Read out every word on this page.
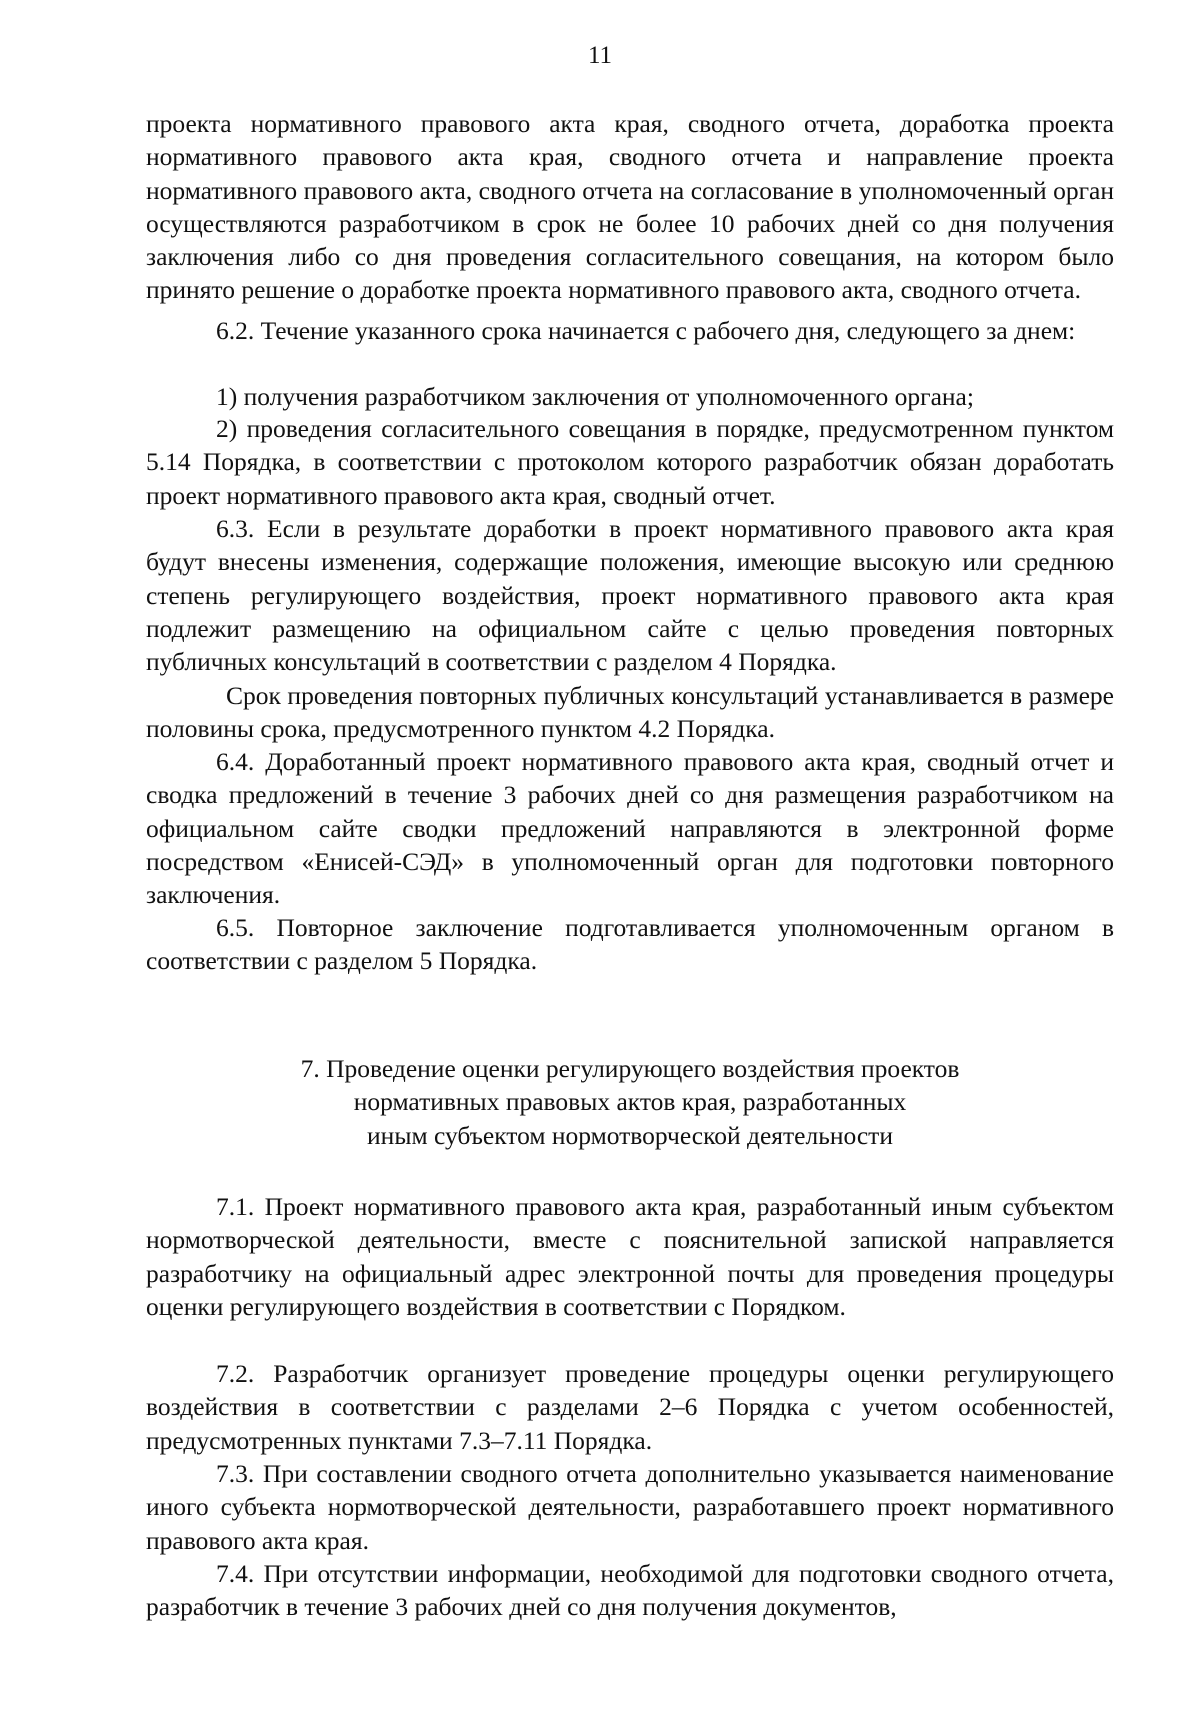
11

проекта нормативного правового акта края, сводного отчета, доработка проекта нормативного правового акта края, сводного отчета и направление проекта нормативного правового акта, сводного отчета на согласование в уполномоченный орган осуществляются разработчиком в срок не более 10 рабочих дней со дня получения заключения либо со дня проведения согласительного совещания, на котором было принято решение о доработке проекта нормативного правового акта, сводного отчета.

6.2. Течение указанного срока начинается с рабочего дня, следующего за днем:

1) получения разработчиком заключения от уполномоченного органа;

2) проведения согласительного совещания в порядке, предусмотренном пунктом 5.14 Порядка, в соответствии с протоколом которого разработчик обязан доработать проект нормативного правового акта края, сводный отчет.

6.3. Если в результате доработки в проект нормативного правового акта края будут внесены изменения, содержащие положения, имеющие высокую или среднюю степень регулирующего воздействия, проект нормативного правового акта края подлежит размещению на официальном сайте с целью проведения повторных публичных консультаций в соответствии с разделом 4 Порядка.

Срок проведения повторных публичных консультаций устанавливается в размере половины срока, предусмотренного пунктом 4.2 Порядка.

6.4. Доработанный проект нормативного правового акта края, сводный отчет и сводка предложений в течение 3 рабочих дней со дня размещения разработчиком на официальном сайте сводки предложений направляются в электронной форме посредством «Енисей-СЭД» в уполномоченный орган для подготовки повторного заключения.

6.5. Повторное заключение подготавливается уполномоченным органом в соответствии с разделом 5 Порядка.

7. Проведение оценки регулирующего воздействия проектов
нормативных правовых актов края, разработанных
иным субъектом нормотворческой деятельности

7.1. Проект нормативного правового акта края, разработанный иным субъектом нормотворческой деятельности, вместе с пояснительной запиской направляется разработчику на официальный адрес электронной почты для проведения процедуры оценки регулирующего воздействия в соответствии с Порядком.

7.2. Разработчик организует проведение процедуры оценки регулирующего воздействия в соответствии с разделами 2–6 Порядка с учетом особенностей, предусмотренных пунктами 7.3–7.11 Порядка.

7.3. При составлении сводного отчета дополнительно указывается наименование иного субъекта нормотворческой деятельности, разработавшего проект нормативного правового акта края.

7.4. При отсутствии информации, необходимой для подготовки сводного отчета, разработчик в течение 3 рабочих дней со дня получения документов,
